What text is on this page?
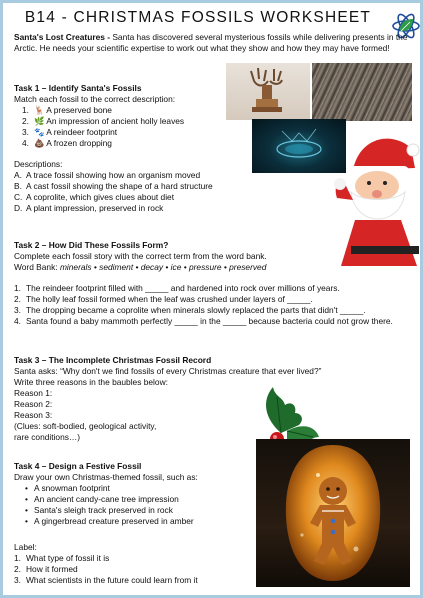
B14 - CHRISTMAS FOSSILS WORKSHEET
Santa's Lost Creatures - Santa has discovered several mysterious fossils while delivering presents in the Arctic. He needs your scientific expertise to work out what they show and how they may have formed!
Task 1 – Identify Santa's Fossils
Match each fossil to the correct description:
1. 🦌 A preserved bone
2. 🌿 An impression of ancient holly leaves
3. 🐾 A reindeer footprint
4. 💩 A frozen dropping
Descriptions:
A. A trace fossil showing how an organism moved
B. A cast fossil showing the shape of a hard structure
C. A coprolite, which gives clues about diet
D. A plant impression, preserved in rock
Task 2 – How Did These Fossils Form?
Complete each fossil story with the correct term from the word bank.
Word Bank: minerals • sediment • decay • ice • pressure • preserved
1. The reindeer footprint filled with _____ and hardened into rock over millions of years.
2. The holly leaf fossil formed when the leaf was crushed under layers of _____.
3. The dropping became a coprolite when minerals slowly replaced the parts that didn't _____.
4. Santa found a baby mammoth perfectly _____ in the _____ because bacteria could not grow there.
Task 3 – The Incomplete Christmas Fossil Record
Santa asks: “Why don't we find fossils of every Christmas creature that ever lived?”
Write three reasons in the baubles below:
Reason 1:
Reason 2:
Reason 3:
(Clues: soft-bodied, geological activity,
rare conditions…)
Task 4 – Design a Festive Fossil
Draw your own Christmas-themed fossil, such as:
• A snowman footprint
• An ancient candy-cane tree impression
• Santa's sleigh track preserved in rock
• A gingerbread creature preserved in amber
Label:
1. What type of fossil it is
2. How it formed
3. What scientists in the future could learn from it
